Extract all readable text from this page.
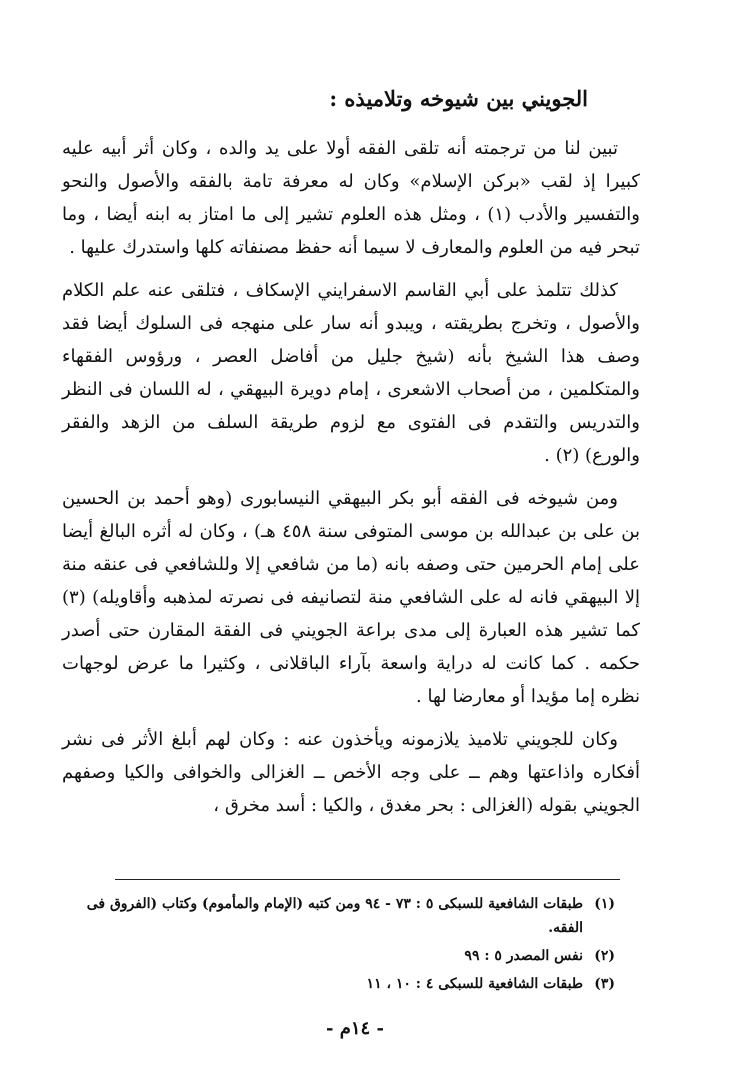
الجويني بين شيوخه وتلاميذه :

تبين لنا من ترجمته أنه تلقى الفقه أولا على يد والده ، وكان أثر أبيه عليه كبيرا إذ لقب «بركن الإسلام» وكان له معرفة تامة بالفقه والأصول والنحو والتفسير والأدب (١) ، ومثل هذه العلوم تشير إلى ما امتاز به ابنه أيضا ، وما تبحر فيه من العلوم والمعارف لا سيما أنه حفظ مصنفاته كلها واستدرك عليها .

كذلك تتلمذ على أبي القاسم الاسفرايني الإسكاف ، فتلقى عنه علم الكلام والأصول ، وتخرج بطريقته ، ويبدو أنه سار على منهجه فى السلوك أيضا فقد وصف هذا الشيخ بأنه (شيخ جليل من أفاضل العصر ، ورؤوس الفقهاء والمتكلمين ، من أصحاب الاشعرى ، إمام دويرة البيهقي ، له اللسان فى النظر والتدريس والتقدم فى الفتوى مع لزوم طريقة السلف من الزهد والفقر والورع) (٢) .

ومن شيوخه فى الفقه أبو بكر البيهقي النيسابورى (وهو أحمد بن الحسين بن على بن عبدالله بن موسى المتوفى سنة ٤٥٨ هـ) ، وكان له أثره البالغ أيضا على إمام الحرمين حتى وصفه بانه (ما من شافعي إلا وللشافعي فى عنقه منة إلا البيهقي فانه له على الشافعي منة لتصانيفه فى نصرته لمذهبه وأقاويله) (٣) كما تشير هذه العبارة إلى مدى براعة الجويني فى الفقة المقارن حتى أصدر حكمه . كما كانت له دراية واسعة بآراء الباقلانى ، وكثيرا ما عرض لوجهات نظره إما مؤيدا أو معارضا لها .

وكان للجويني تلاميذ يلازمونه ويأخذون عنه : وكان لهم أبلغ الأثر فى نشر أفكاره واذاعتها وهم ــ على وجه الأخص ــ الغزالى والخوافى والكيا وصفهم الجويني بقوله (الغزالى : بحر مغدق ، والكيا : أسد مخرق ،

(١)
طبقات الشافعية للسبكى ٥ : ٧٣ - ٩٤ ومن كتبه (الإمام والمأموم) وكتاب (الفروق فى الفقه.
(٢)
نفس المصدر ٥ : ٩٩
(٣)
طبقات الشافعية للسبكى ٤ : ١٠ ، ١١
- ١٤م -
